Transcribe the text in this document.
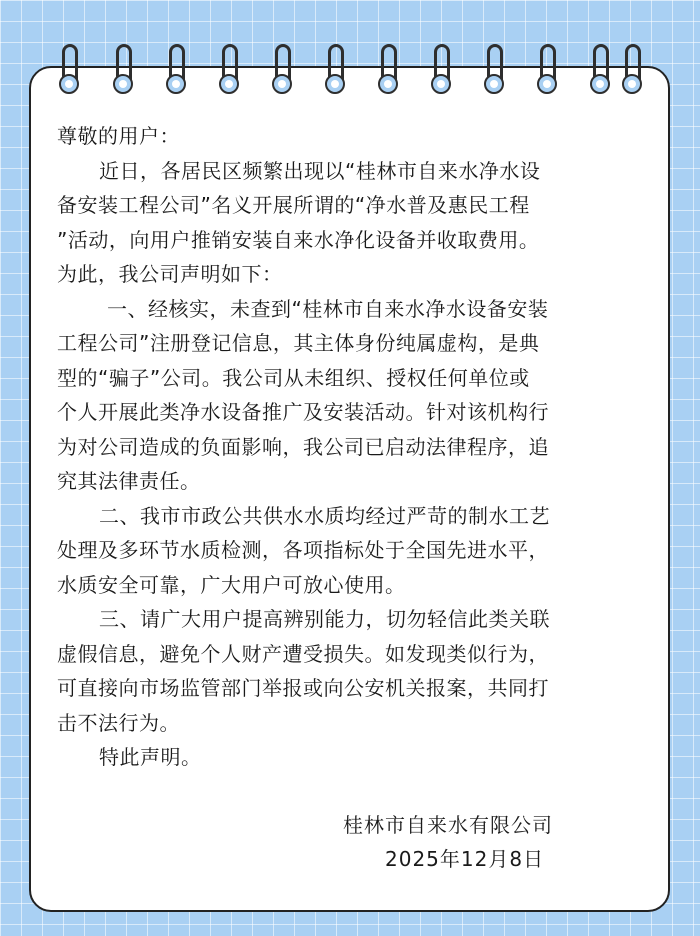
尊敬的用户：
近日，各居民区频繁出现以“桂林市自来水净水设
备安装工程公司”名义开展所谓的“净水普及惠民工程
”活动，向用户推销安装自来水净化设备并收取费用。
为此，我公司声明如下：
一、经核实，未查到“桂林市自来水净水设备安装
工程公司”注册登记信息，其主体身份纯属虚构，是典
型的“骗子”公司。我公司从未组织、授权任何单位或
个人开展此类净水设备推广及安装活动。针对该机构行
为对公司造成的负面影响，我公司已启动法律程序，追
究其法律责任。
二、我市市政公共供水水质均经过严苛的制水工艺
处理及多环节水质检测，各项指标处于全国先进水平，
水质安全可靠，广大用户可放心使用。
三、请广大用户提高辨别能力，切勿轻信此类关联
虚假信息，避免个人财产遭受损失。如发现类似行为，
可直接向市场监管部门举报或向公安机关报案，共同打
击不法行为。
特此声明。
桂林市自来水有限公司
2025年12月8日
